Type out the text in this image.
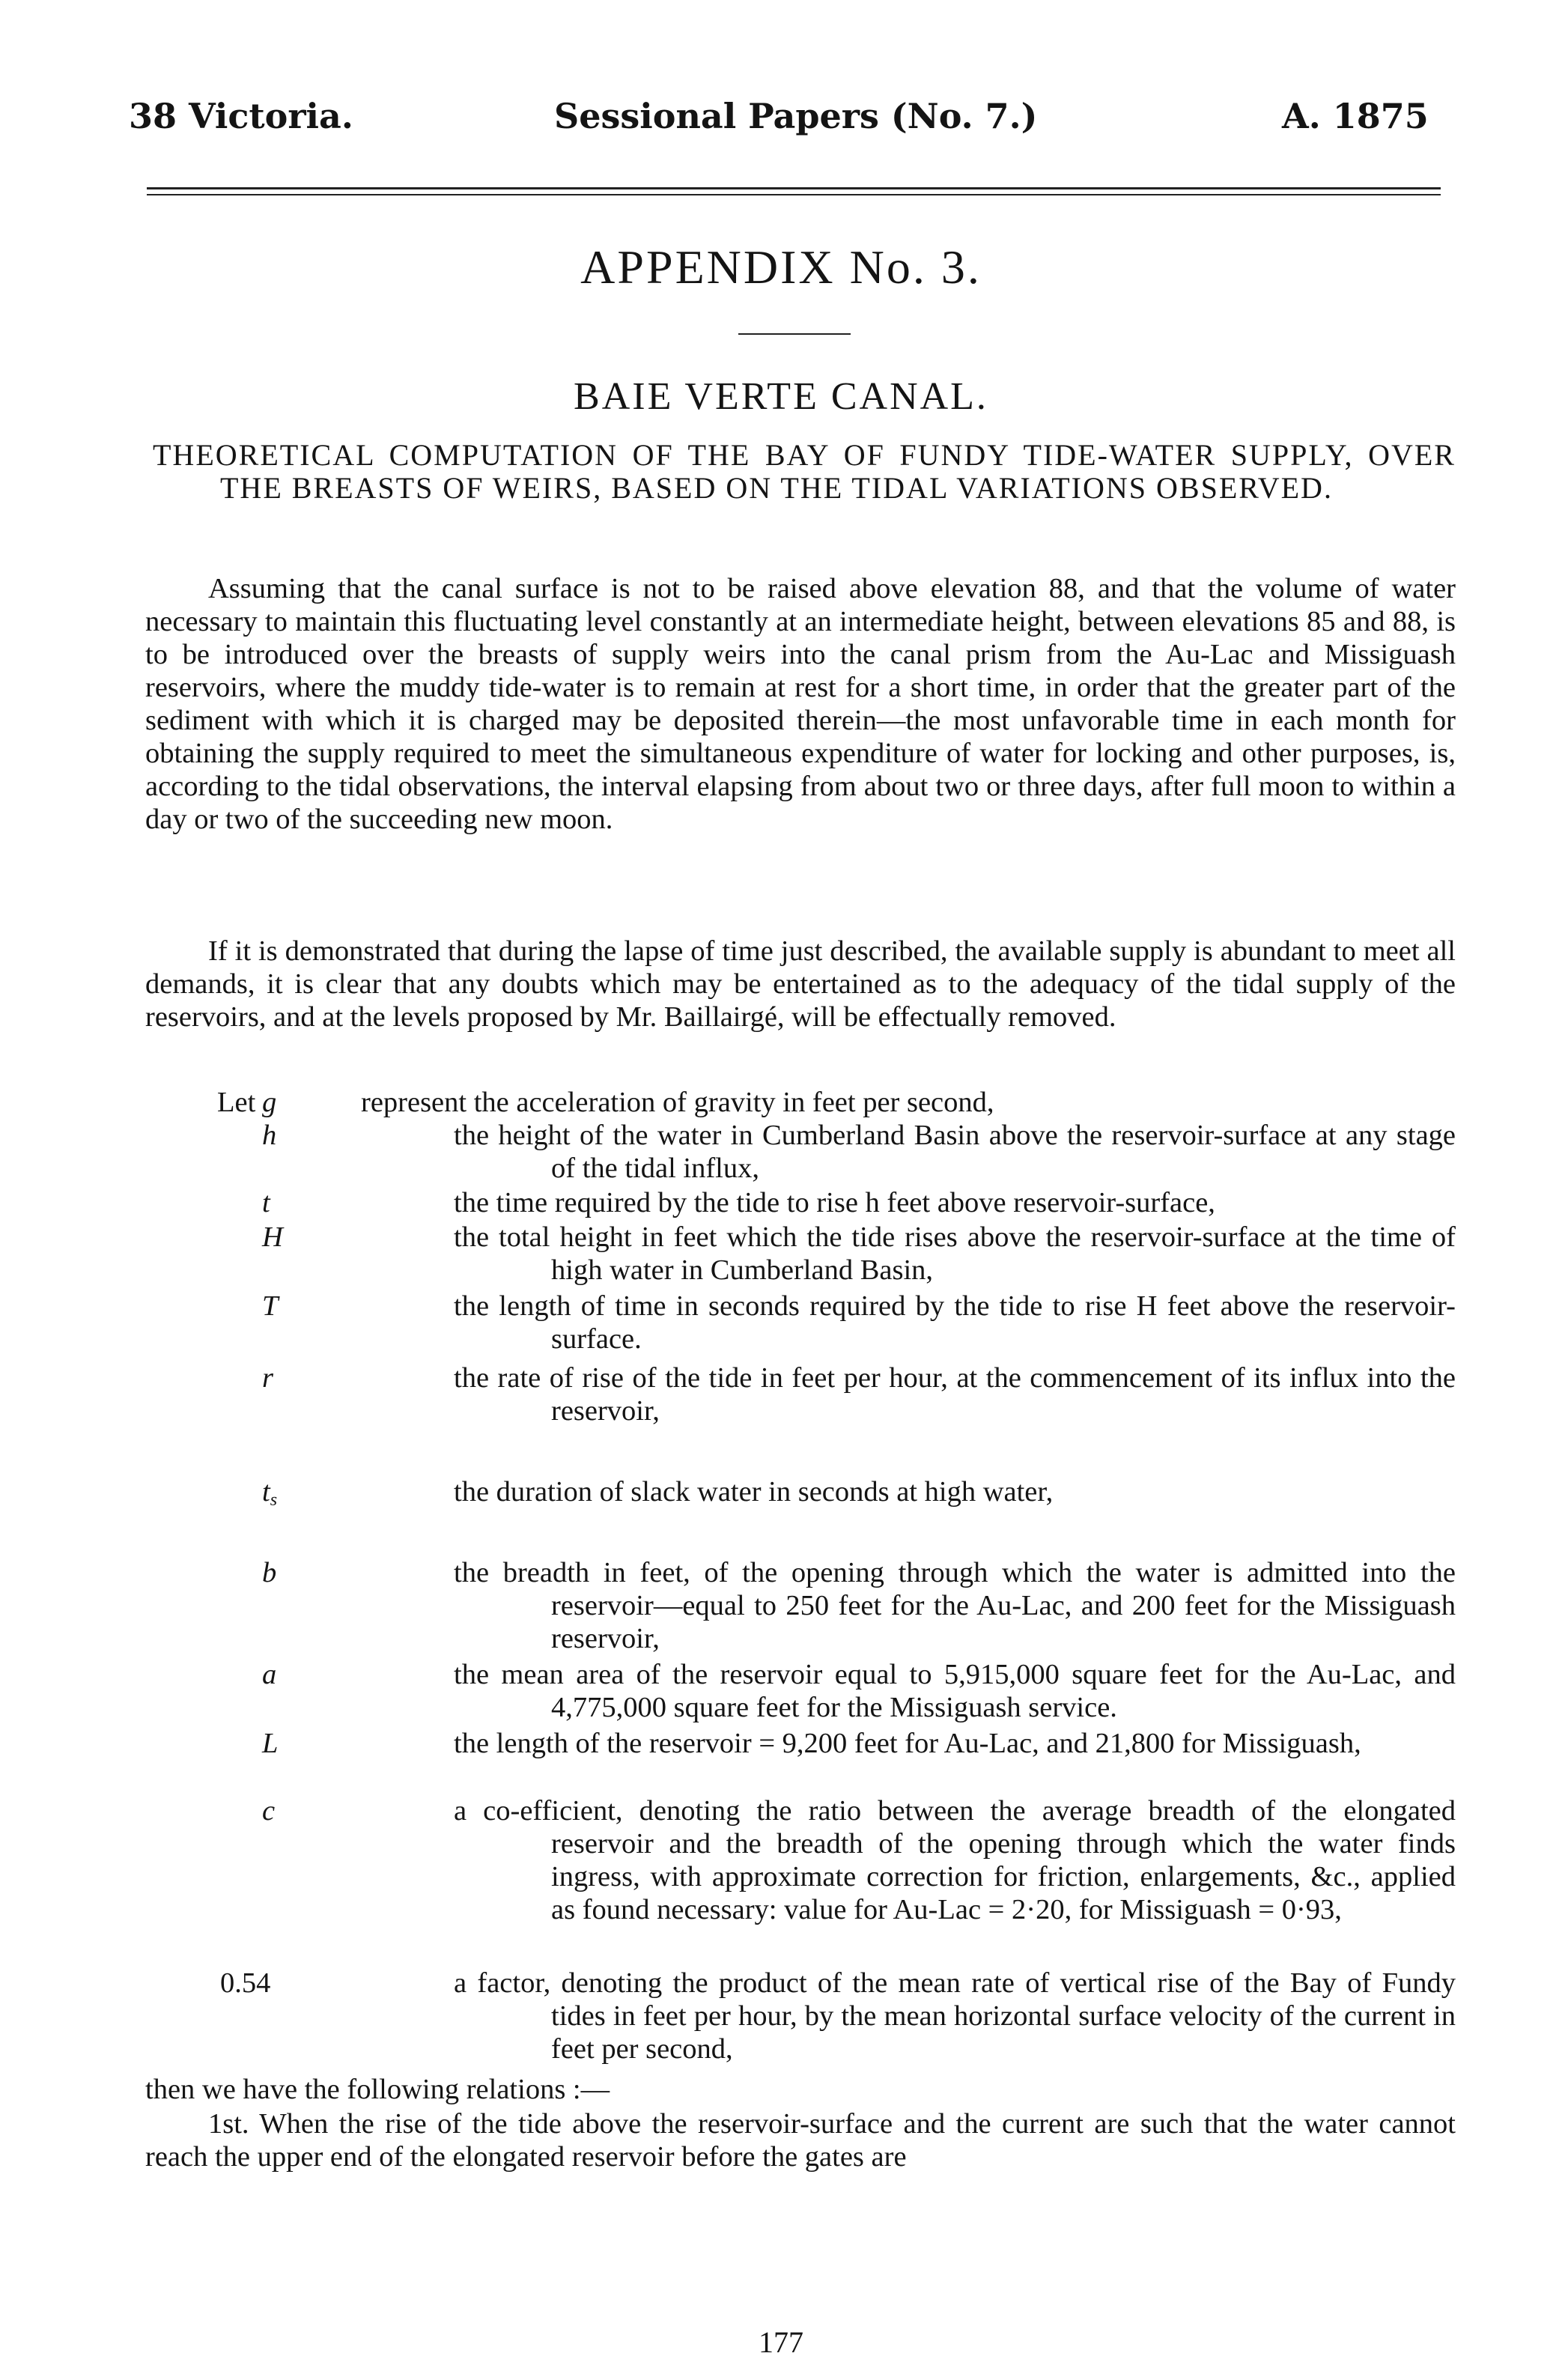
38 Victoria.	Sessional Papers (No. 7.)	A. 1875
APPENDIX No. 3.
BAIE VERTE CANAL.
THEORETICAL COMPUTATION OF THE BAY OF FUNDY TIDE-WATER SUPPLY, OVER THE BREASTS OF WEIRS, BASED ON THE TIDAL VARIATIONS OBSERVED.

Assuming that the canal surface is not to be raised above elevation 88, and that the volume of water necessary to maintain this fluctuating level constantly at an intermediate height, between elevations 85 and 88, is to be introduced over the breasts of supply weirs into the canal prism from the Au-Lac and Missiguash reservoirs, where the muddy tide-water is to remain at rest for a short time, in order that the greater part of the sediment with which it is charged may be deposited therein—the most unfavorable time in each month for obtaining the supply required to meet the simultaneous expenditure of water for locking and other purposes, is, according to the tidal observations, the interval elapsing from about two or three days, after full moon to within a day or two of the succeeding new moon.

If it is demonstrated that during the lapse of time just described, the available supply is abundant to meet all demands, it is clear that any doubts which may be entertained as to the adequacy of the tidal supply of the reservoirs, and at the levels proposed by Mr. Baillairgé, will be effectually removed.

Let g	represent the acceleration of gravity in feet per second,
h	the height of the water in Cumberland Basin above the reservoir-surface at any stage of the tidal influx,
t	the time required by the tide to rise h feet above reservoir-surface,
H	the total height in feet which the tide rises above the reservoir-surface at the time of high water in Cumberland Basin,
T	the length of time in seconds required by the tide to rise H feet above the reservoir-surface.
r	the rate of rise of the tide in feet per hour, at the commencement of its influx into the reservoir,
ts	the duration of slack water in seconds at high water,
b	the breadth in feet, of the opening through which the water is admitted into the reservoir—equal to 250 feet for the Au-Lac, and 200 feet for the Missiguash reservoir,
a	the mean area of the reservoir equal to 5,915,000 square feet for the Au-Lac, and 4,775,000 square feet for the Missiguash service.
L	the length of the reservoir = 9,200 feet for Au-Lac, and 21,800 for Missiguash,
c	a co-efficient, denoting the ratio between the average breadth of the elongated reservoir and the breadth of the opening through which the water finds ingress, with approximate correction for friction, enlargements, &c., applied as found necessary: value for Au-Lac = 2·20, for Missiguash = 0·93,
0.54	a factor, denoting the product of the mean rate of vertical rise of the Bay of Fundy tides in feet per hour, by the mean horizontal surface velocity of the current in feet per second,
then we have the following relations :—

1st. When the rise of the tide above the reservoir-surface and the current are such that the water cannot reach the upper end of the elongated reservoir before the gates are

177
